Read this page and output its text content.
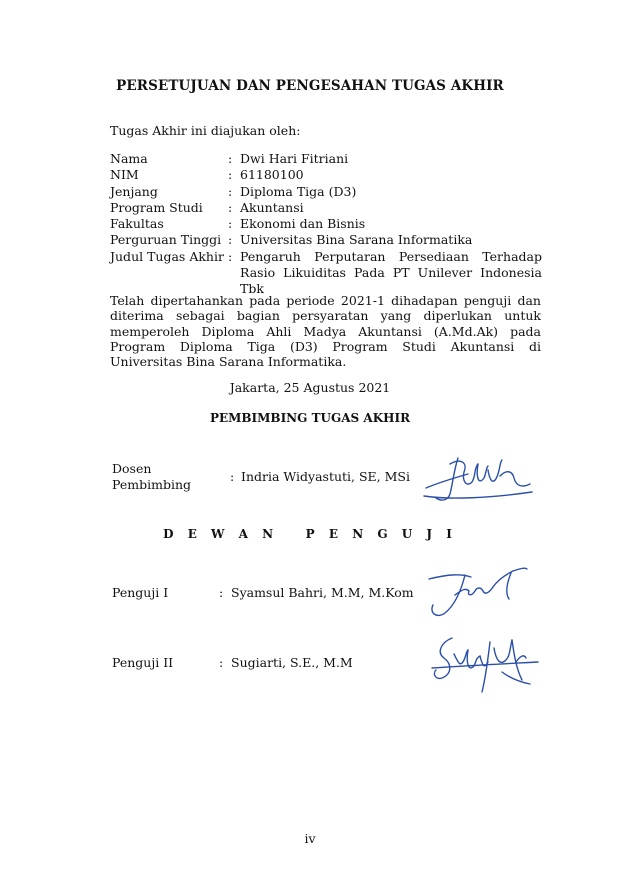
PERSETUJUAN DAN PENGESAHAN TUGAS AKHIR
Tugas Akhir ini diajukan oleh:
Nama	: Dwi Hari Fitriani
NIM	: 61180100
Jenjang	: Diploma Tiga (D3)
Program Studi	: Akuntansi
Fakultas	: Ekonomi dan Bisnis
Perguruan Tinggi : Universitas Bina Sarana Informatika
Judul Tugas Akhir : Pengaruh Perputaran Persediaan Terhadap Rasio Likuiditas Pada PT Unilever Indonesia Tbk
Telah dipertahankan pada periode 2021-1 dihadapan penguji dan diterima sebagai bagian persyaratan yang diperlukan untuk memperoleh Diploma Ahli Madya Akuntansi (A.Md.Ak) pada Program Diploma Tiga (D3) Program Studi Akuntansi di Universitas Bina Sarana Informatika.
Jakarta, 25 Agustus 2021
PEMBIMBING TUGAS AKHIR
Dosen
Pembimbing
: Indria Widyastuti, SE, MSi
D E W A N   P E N G U J I
Penguji I	: Syamsul Bahri, M.M, M.Kom
Penguji II	: Sugiarti, S.E., M.M
iv
